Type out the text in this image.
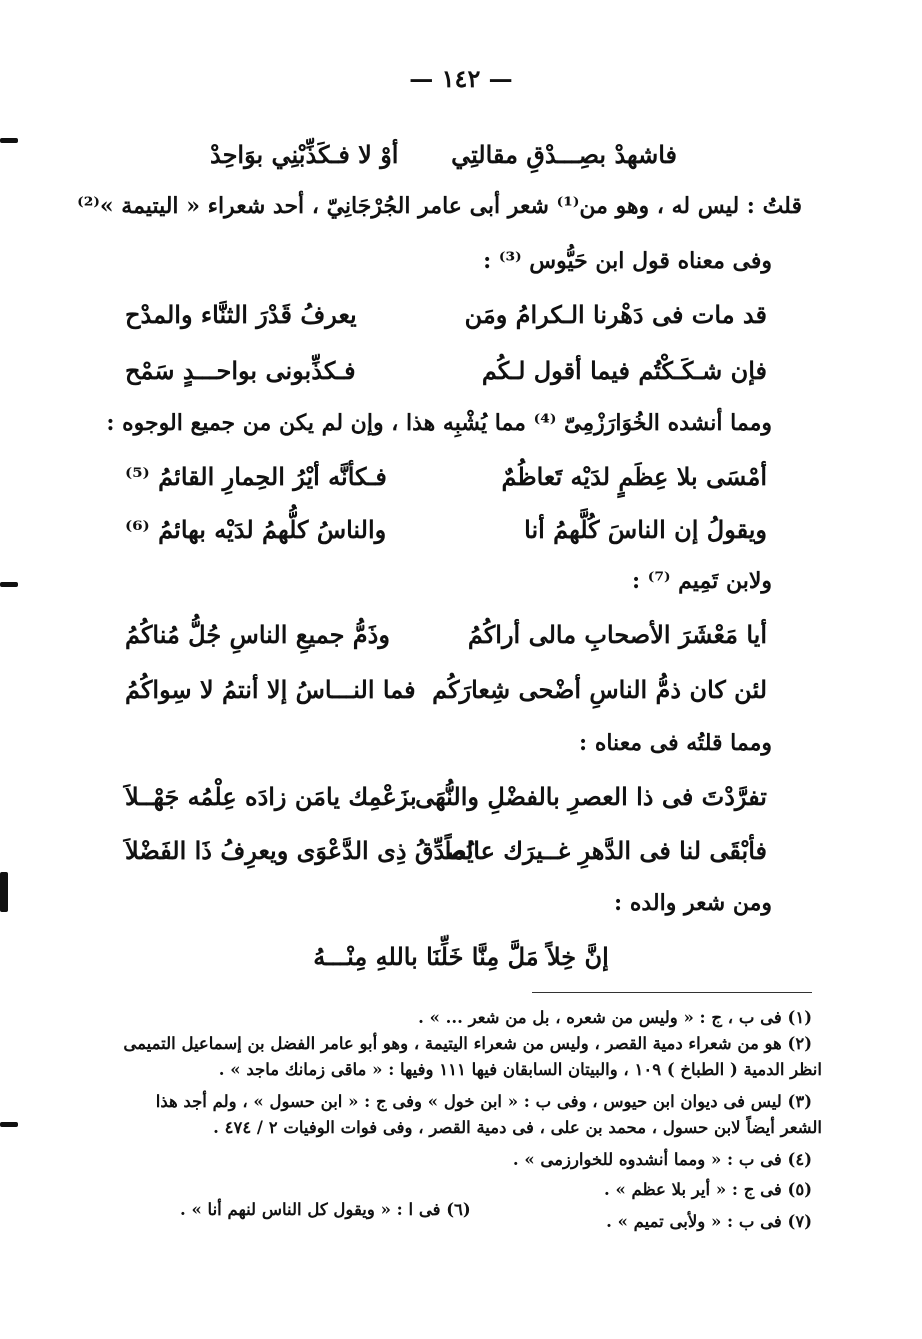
— ١٤٢ —
فاشهدْ بصِـــدْقِ مقالتِي
أوْ لا فـكَذِّبْنِي بوَاحِدْ
قلتُ : ليس له ، وهو من⁽¹⁾ شعر أبى عامر الجُرْجَانِيّ ، أحد شعراء « اليتيمة »⁽²⁾
وفى معناه قول ابن حَيُّوس ⁽³⁾ :
قد مات فى دَهْرنا الـكرامُ ومَن
يعرفُ قَدْرَ الثنَّاء والمدْح
فإن شـكَـكْتُم فيما أقول لـكُم
فـكذِّبونى بواحـــدٍ سَمْح
ومما أنشده الخُوَارَزْمِىّ ⁽⁴⁾ مما يُشْبِه هذا ، وإن لم يكن من جميع الوجوه :
أمْسَى بلا عِظَمٍ لدَيْه تَعاظُمٌ
فـكأنَّه أيْرُ الحِمارِ القائمُ ⁽⁵⁾
ويقولُ إن الناسَ كُلَّهمُ أنا
والناسُ كلُّهمُ لدَيْه بهائمُ ⁽⁶⁾
ولابن تَمِيم ⁽⁷⁾ :
أيا مَعْشَرَ الأصحابِ مالى أراكُمُ
وذَمُّ جميعِ الناسِ جُلُّ مُناكُمُ
لئن كان ذمُّ الناسِ أضْحى شِعارَكُم
فما النـــاسُ إلا أنتمُ لا سِواكُمُ
ومما قلتُه فى معناه :
تفرَّدْتَ فى ذا العصرِ بالفضْلِ والنُّهَى
بزَعْمِك يامَن زادَه عِلْمُه جَهْــلاَ
فأبْقَى لنا فى الدَّهرِ غــيرَك عالماً
يُصدِّقُ ذِى الدَّعْوَى ويعرِفُ ذَا الفَضْلاَ
ومن شعر والده :
إنَّ خِلاً مَلَّ مِنَّا خَلِّنَا باللهِ مِنْـــهُ
(١) فى ب ، ج : « وليس من شعره ، بل من شعر ... » .
(٢) هو من شعراء دمية القصر ، وليس من شعراء اليتيمة ، وهو أبو عامر الفضل بن إسماعيل التميمى
انظر الدمية ( الطباخ ) ١٠٩ ، والبيتان السابقان فيها ١١١ وفيها : « ماقى زمانك ماجد » .
(٣) ليس فى ديوان ابن حيوس ، وفى ب : « ابن خول » وفى ج : « ابن حسول » ، ولم أجد هذا
الشعر أيضاً لابن حسول ، محمد بن على ، فى دمية القصر ، وفى فوات الوفيات ٢ / ٤٧٤ .
(٤) فى ب : « ومما أنشدوه للخوارزمى » .
(٥) فى ج : « أير بلا عظم » .
(٦) فى ا : « ويقول كل الناس لنهم أنا » .
(٧) فى ب : « ولأبى تميم » .
